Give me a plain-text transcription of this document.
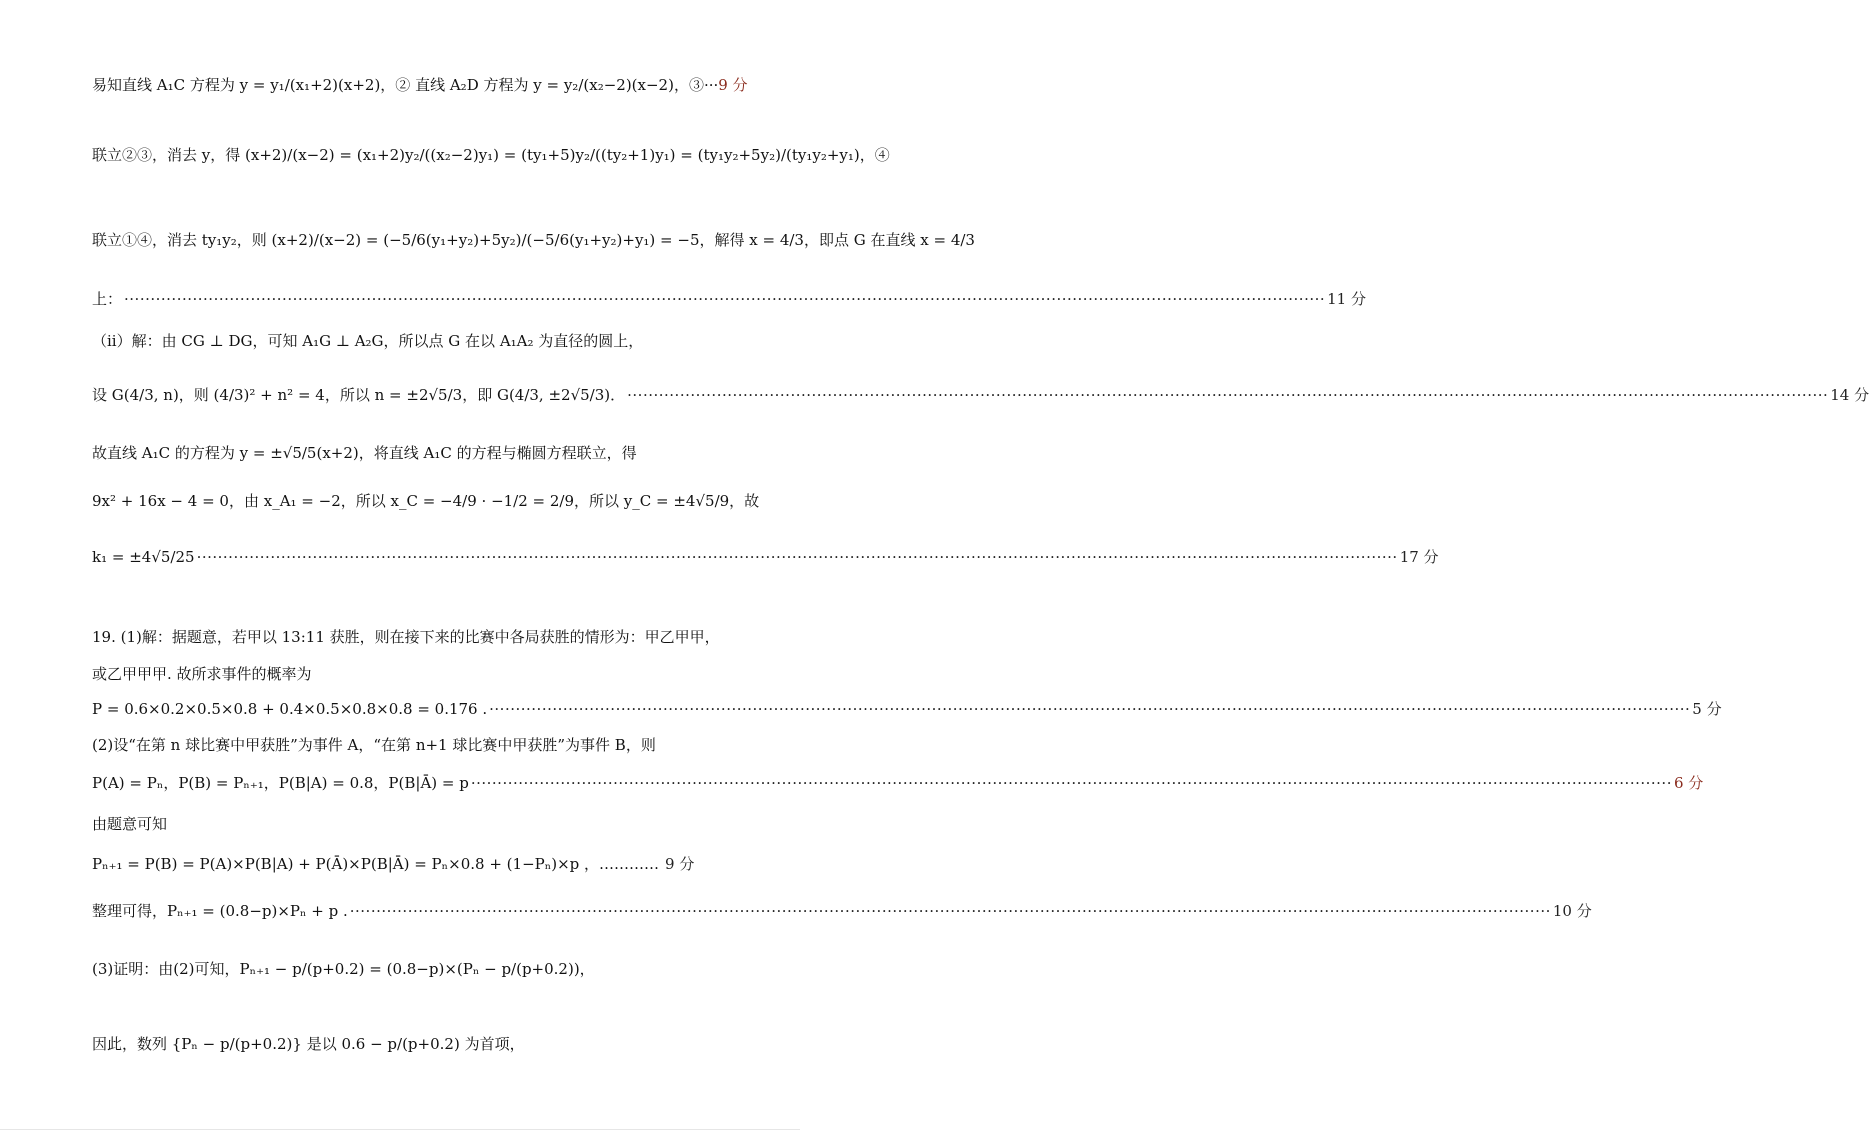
易知直线 A₁C 方程为 y = y₁/(x₁+2)(x+2)，② 直线 A₂D 方程为 y = y₂/(x₂−2)(x−2)，③··· 9 分
联立②③，消去 y，得 (x+2)/(x−2) = (x₁+2)y₂/((x₂−2)y₁) = (ty₁+5)y₂/((ty₂+1)y₁) = (ty₁y₂+5y₂)/(ty₁y₂+y₁)，④
联立①④，消去 ty₁y₂，则 (x+2)/(x−2) = (−5/6(y₁+y₂)+5y₂)/(−5/6(y₁+y₂)+y₁) = −5，解得 x = 4/3，即点 G 在直线 x = 4/3
上： ·····	11 分
（ii）解：由 CG ⊥ DG，可知 A₁G ⊥ A₂G，所以点 G 在以 A₁A₂ 为直径的圆上，
设 G(4/3, n)，则 (4/3)² + n² = 4，所以 n = ±2√5/3，即 G(4/3, ±2√5/3)． ·····	14 分
故直线 A₁C 的方程为 y = ±√5/5(x+2)，将直线 A₁C 的方程与椭圆方程联立，得
9x² + 16x − 4 = 0，由 x_A₁ = −2，所以 x_C = −4/9 · −1/2 = 2/9，所以 y_C = ±4√5/9，故
k₁ = ±4√5/25 ·····	17 分
19. (1)解：据题意，若甲以 13:11 获胜，则在接下来的比赛中各局获胜的情形为：甲乙甲甲，
或乙甲甲甲. 故所求事件的概率为
P = 0.6×0.2×0.5×0.8 + 0.4×0.5×0.8×0.8 = 0.176 . ·····	5 分
(2)设“在第 n 球比赛中甲获胜”为事件 A，“在第 n+1 球比赛中甲获胜”为事件 B，则
P(A) = Pₙ，P(B) = Pₙ₊₁，P(B|A) = 0.8，P(B|Ā) = p ·····	6 分
由题意可知
Pₙ₊₁ = P(B) = P(A)×P(B|A) + P(Ā)×P(B|Ā) = Pₙ×0.8 + (1−Pₙ)×p ，………… 9 分
整理可得，Pₙ₊₁ = (0.8−p)×Pₙ + p . ·····	10 分
(3)证明：由(2)可知，Pₙ₊₁ − p/(p+0.2) = (0.8−p)×(Pₙ − p/(p+0.2))，
因此，数列 {Pₙ − p/(p+0.2)} 是以 0.6 − p/(p+0.2) 为首项，
